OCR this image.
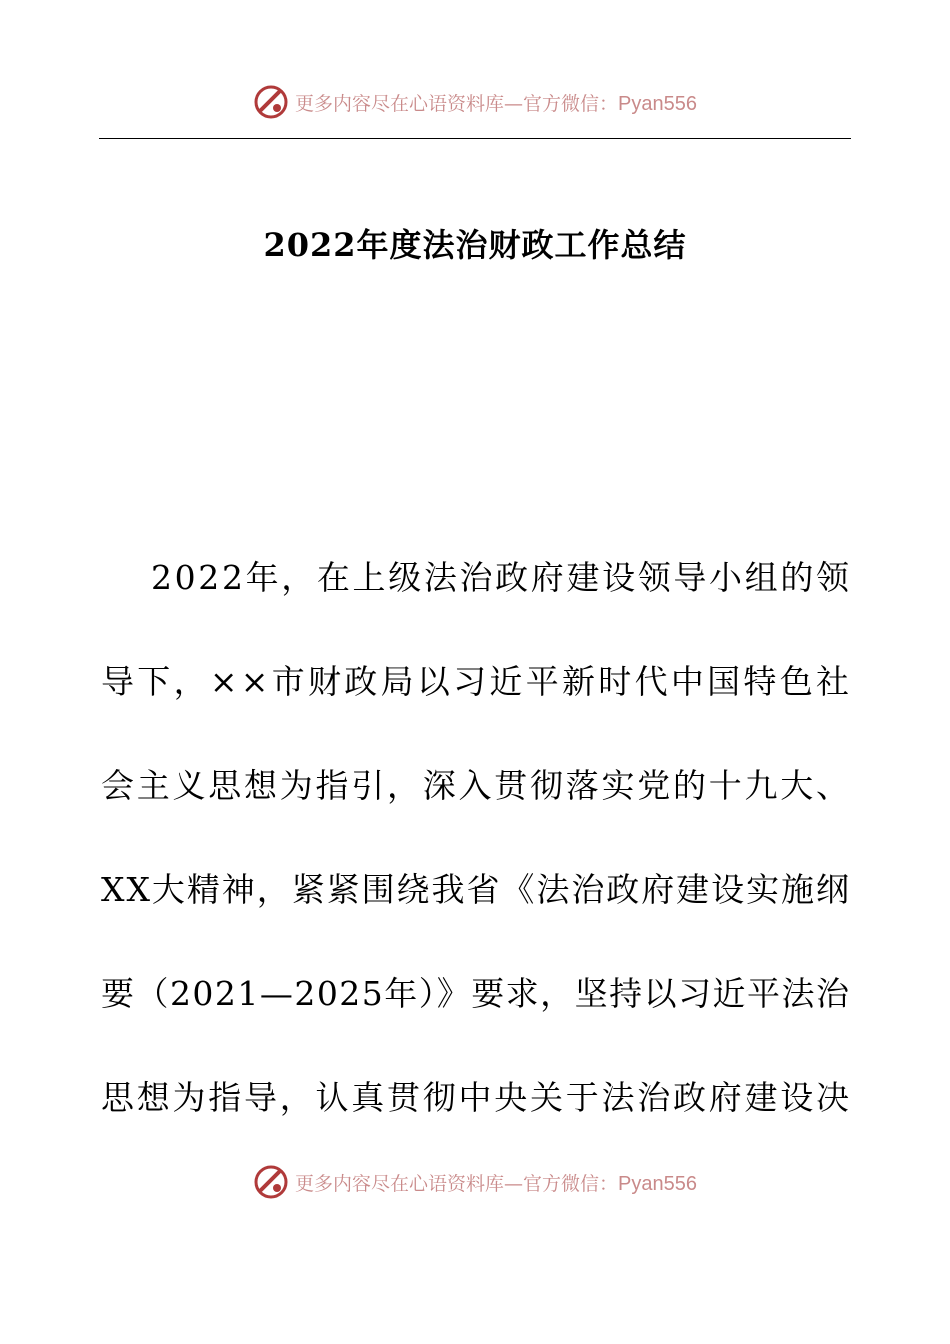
更多内容尽在心语资料库—官方微信：Pyan556
2022年度法治财政工作总结
2022年，在上级法治政府建设领导小组的领
导下，××市财政局以习近平新时代中国特色社
会主义思想为指引，深入贯彻落实党的十九大、
XX大精神，紧紧围绕我省《法治政府建设实施纲
要（2021—2025年）》要求，坚持以习近平法治
思想为指导，认真贯彻中央关于法治政府建设决
更多内容尽在心语资料库—官方微信：Pyan556
